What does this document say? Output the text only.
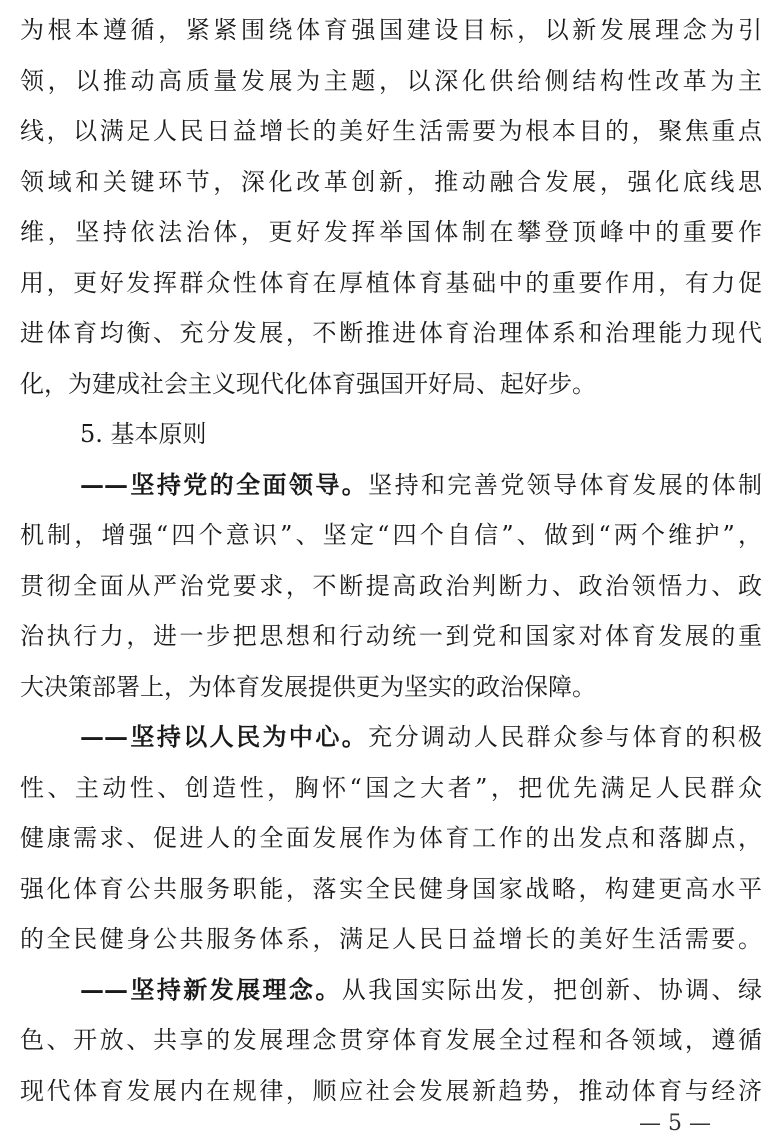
为根本遵循，紧紧围绕体育强国建设目标，以新发展理念为引
领，以推动高质量发展为主题，以深化供给侧结构性改革为主
线，以满足人民日益增长的美好生活需要为根本目的，聚焦重点
领域和关键环节，深化改革创新，推动融合发展，强化底线思
维，坚持依法治体，更好发挥举国体制在攀登顶峰中的重要作
用，更好发挥群众性体育在厚植体育基础中的重要作用，有力促
进体育均衡、充分发展，不断推进体育治理体系和治理能力现代
化，为建成社会主义现代化体育强国开好局、起好步。
5. 基本原则
——坚持党的全面领导。坚持和完善党领导体育发展的体制
机制，增强“四个意识”、坚定“四个自信”、做到“两个维护”，
贯彻全面从严治党要求，不断提高政治判断力、政治领悟力、政
治执行力，进一步把思想和行动统一到党和国家对体育发展的重
大决策部署上，为体育发展提供更为坚实的政治保障。
——坚持以人民为中心。充分调动人民群众参与体育的积极
性、主动性、创造性，胸怀“国之大者”，把优先满足人民群众
健康需求、促进人的全面发展作为体育工作的出发点和落脚点，
强化体育公共服务职能，落实全民健身国家战略，构建更高水平
的全民健身公共服务体系，满足人民日益增长的美好生活需要。
——坚持新发展理念。从我国实际出发，把创新、协调、绿
色、开放、共享的发展理念贯穿体育发展全过程和各领域，遵循
现代体育发展内在规律，顺应社会发展新趋势，推动体育与经济
— 5 —
